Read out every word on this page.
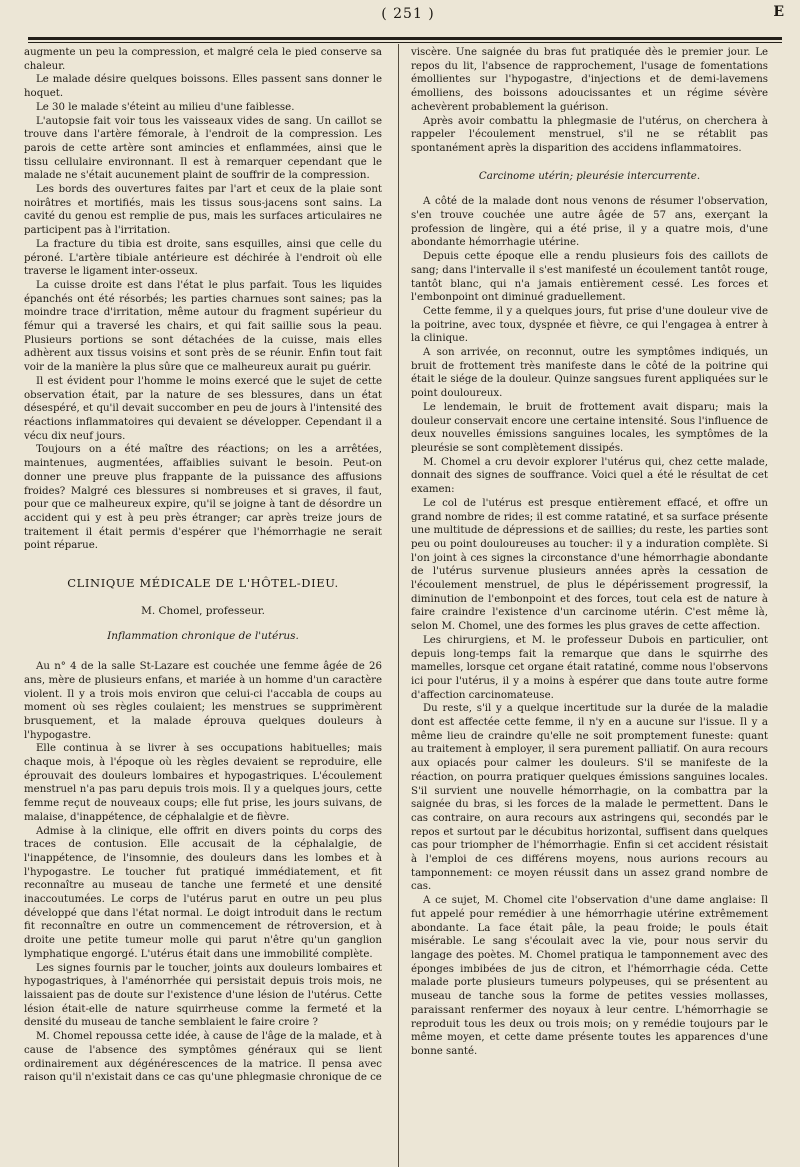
( 251 )	E

augmente un peu la compression, et malgré cela le pied conserve sa chaleur.

Le malade désire quelques boissons. Elles passent sans donner le hoquet.

Le 30 le malade s'éteint au milieu d'une faiblesse.

L'autopsie fait voir tous les vaisseaux vides de sang. Un caillot se trouve dans l'artère fémorale, à l'endroit de la compression. Les parois de cette artère sont amincies et enflammées, ainsi que le tissu cellulaire environnant. Il est à remarquer cependant que le malade ne s'était aucunement plaint de souffrir de la compression.

Les bords des ouvertures faites par l'art et ceux de la plaie sont noirâtres et mortifiés, mais les tissus sous-jacens sont sains. La cavité du genou est remplie de pus, mais les surfaces articulaires ne participent pas à l'irritation.

La fracture du tibia est droite, sans esquilles, ainsi que celle du péroné. L'artère tibiale antérieure est déchirée à l'endroit où elle traverse le ligament inter-osseux.

La cuisse droite est dans l'état le plus parfait. Tous les liquides épanchés ont été résorbés; les parties charnues sont saines; pas la moindre trace d'irritation, même autour du fragment supérieur du fémur qui a traversé les chairs, et qui fait saillie sous la peau. Plusieurs portions se sont détachées de la cuisse, mais elles adhèrent aux tissus voisins et sont près de se réunir. Enfin tout fait voir de la manière la plus sûre que ce malheureux aurait pu guérir.

Il est évident pour l'homme le moins exercé que le sujet de cette observation était, par la nature de ses blessures, dans un état désespéré, et qu'il devait succomber en peu de jours à l'intensité des réactions inflammatoires qui devaient se développer. Cependant il a vécu dix neuf jours.

Toujours on a été maître des réactions; on les a arrêtées, maintenues, augmentées, affaiblies suivant le besoin. Peut-on donner une preuve plus frappante de la puissance des affusions froides? Malgré ces blessures si nombreuses et si graves, il faut, pour que ce malheureux expire, qu'il se joigne à tant de désordre un accident qui y est à peu près étranger; car après treize jours de traitement il était permis d'espérer que l'hémorrhagie ne serait point réparue.

CLINIQUE MÉDICALE DE L'HÔTEL-DIEU.
M. Chomel, professeur.
Inflammation chronique de l'utérus.

Au n° 4 de la salle St-Lazare est couchée une femme âgée de 26 ans, mère de plusieurs enfans, et mariée à un homme d'un caractère violent. Il y a trois mois environ que celui-ci l'accabla de coups au moment où ses règles coulaient; les menstrues se supprimèrent brusquement, et la malade éprouva quelques douleurs à l'hypogastre.

Elle continua à se livrer à ses occupations habituelles; mais chaque mois, à l'époque où les règles devaient se reproduire, elle éprouvait des douleurs lombaires et hypogastriques. L'écoulement menstruel n'a pas paru depuis trois mois. Il y a quelques jours, cette femme reçut de nouveaux coups; elle fut prise, les jours suivans, de malaise, d'inappétence, de céphalalgie et de fièvre.

Admise à la clinique, elle offrit en divers points du corps des traces de contusion. Elle accusait de la céphalalgie, de l'inappétence, de l'insomnie, des douleurs dans les lombes et à l'hypogastre. Le toucher fut pratiqué immédiatement, et fit reconnaître au museau de tanche une fermeté et une densité inaccoutumées. Le corps de l'utérus parut en outre un peu plus développé que dans l'état normal. Le doigt introduit dans le rectum fit reconnaître en outre un commencement de rétroversion, et à droite une petite tumeur molle qui parut n'être qu'un ganglion lymphatique engorgé. L'utérus était dans une immobilité complète.

Les signes fournis par le toucher, joints aux douleurs lombaires et hypogastriques, à l'aménorrhée qui persistait depuis trois mois, ne laissaient pas de doute sur l'existence d'une lésion de l'utérus. Cette lésion était-elle de nature squirrheuse comme la fermeté et la densité du museau de tanche semblaient le faire croire ?

M. Chomel repoussa cette idée, à cause de l'âge de la malade, et à cause de l'absence des symptômes généraux qui se lient ordinairement aux dégénérescences de la matrice. Il pensa avec raison qu'il n'existait dans ce cas qu'une phlegmasie chronique de ce

viscère. Une saignée du bras fut pratiquée dès le premier jour. Le repos du lit, l'absence de rapprochement, l'usage de fomentations émollientes sur l'hypogastre, d'injections et de demi-lavemens émolliens, des boissons adoucissantes et un régime sévère achevèrent probablement la guérison.

Après avoir combattu la phlegmasie de l'utérus, on cherchera à rappeler l'écoulement menstruel, s'il ne se rétablit pas spontanément après la disparition des accidens inflammatoires.

Carcinome utérin; pleurésie intercurrente.

A côté de la malade dont nous venons de résumer l'observation, s'en trouve couchée une autre âgée de 57 ans, exerçant la profession de lingère, qui a été prise, il y a quatre mois, d'une abondante hémorrhagie utérine.

Depuis cette époque elle a rendu plusieurs fois des caillots de sang; dans l'intervalle il s'est manifesté un écoulement tantôt rouge, tantôt blanc, qui n'a jamais entièrement cessé. Les forces et l'embonpoint ont diminué graduellement.

Cette femme, il y a quelques jours, fut prise d'une douleur vive de la poitrine, avec toux, dyspnée et fièvre, ce qui l'engagea à entrer à la clinique.

A son arrivée, on reconnut, outre les symptômes indiqués, un bruit de frottement très manifeste dans le côté de la poitrine qui était le siége de la douleur. Quinze sangsues furent appliquées sur le point douloureux.

Le lendemain, le bruit de frottement avait disparu; mais la douleur conservait encore une certaine intensité. Sous l'influence de deux nouvelles émissions sanguines locales, les symptômes de la pleurésie se sont complètement dissipés.

M. Chomel a cru devoir explorer l'utérus qui, chez cette malade, donnait des signes de souffrance. Voici quel a été le résultat de cet examen:

Le col de l'utérus est presque entièrement effacé, et offre un grand nombre de rides; il est comme ratatiné, et sa surface présente une multitude de dépressions et de saillies; du reste, les parties sont peu ou point douloureuses au toucher: il y a induration complète. Si l'on joint à ces signes la circonstance d'une hémorrhagie abondante de l'utérus survenue plusieurs années après la cessation de l'écoulement menstruel, de plus le dépérissement progressif, la diminution de l'embonpoint et des forces, tout cela est de nature à faire craindre l'existence d'un carcinome utérin. C'est même là, selon M. Chomel, une des formes les plus graves de cette affection.

Les chirurgiens, et M. le professeur Dubois en particulier, ont depuis long-temps fait la remarque que dans le squirrhe des mamelles, lorsque cet organe était ratatiné, comme nous l'observons ici pour l'utérus, il y a moins à espérer que dans toute autre forme d'affection carcinomateuse.

Du reste, s'il y a quelque incertitude sur la durée de la maladie dont est affectée cette femme, il n'y en a aucune sur l'issue. Il y a même lieu de craindre qu'elle ne soit promptement funeste: quant au traitement à employer, il sera purement palliatif. On aura recours aux opiacés pour calmer les douleurs. S'il se manifeste de la réaction, on pourra pratiquer quelques émissions sanguines locales. S'il survient une nouvelle hémorrhagie, on la combattra par la saignée du bras, si les forces de la malade le permettent. Dans le cas contraire, on aura recours aux astringens qui, secondés par le repos et surtout par le décubitus horizontal, suffisent dans quelques cas pour triompher de l'hémorrhagie. Enfin si cet accident résistait à l'emploi de ces différens moyens, nous aurions recours au tamponnement: ce moyen réussit dans un assez grand nombre de cas.

A ce sujet, M. Chomel cite l'observation d'une dame anglaise: Il fut appelé pour remédier à une hémorrhagie utérine extrêmement abondante. La face était pâle, la peau froide; le pouls était misérable. Le sang s'écoulait avec la vie, pour nous servir du langage des poètes. M. Chomel pratiqua le tamponnement avec des éponges imbibées de jus de citron, et l'hémorrhagie céda. Cette malade porte plusieurs tumeurs polypeuses, qui se présentent au museau de tanche sous la forme de petites vessies mollasses, paraissant renfermer des noyaux à leur centre. L'hémorrhagie se reproduit tous les deux ou trois mois; on y remédie toujours par le même moyen, et cette dame présente toutes les apparences d'une bonne santé.
